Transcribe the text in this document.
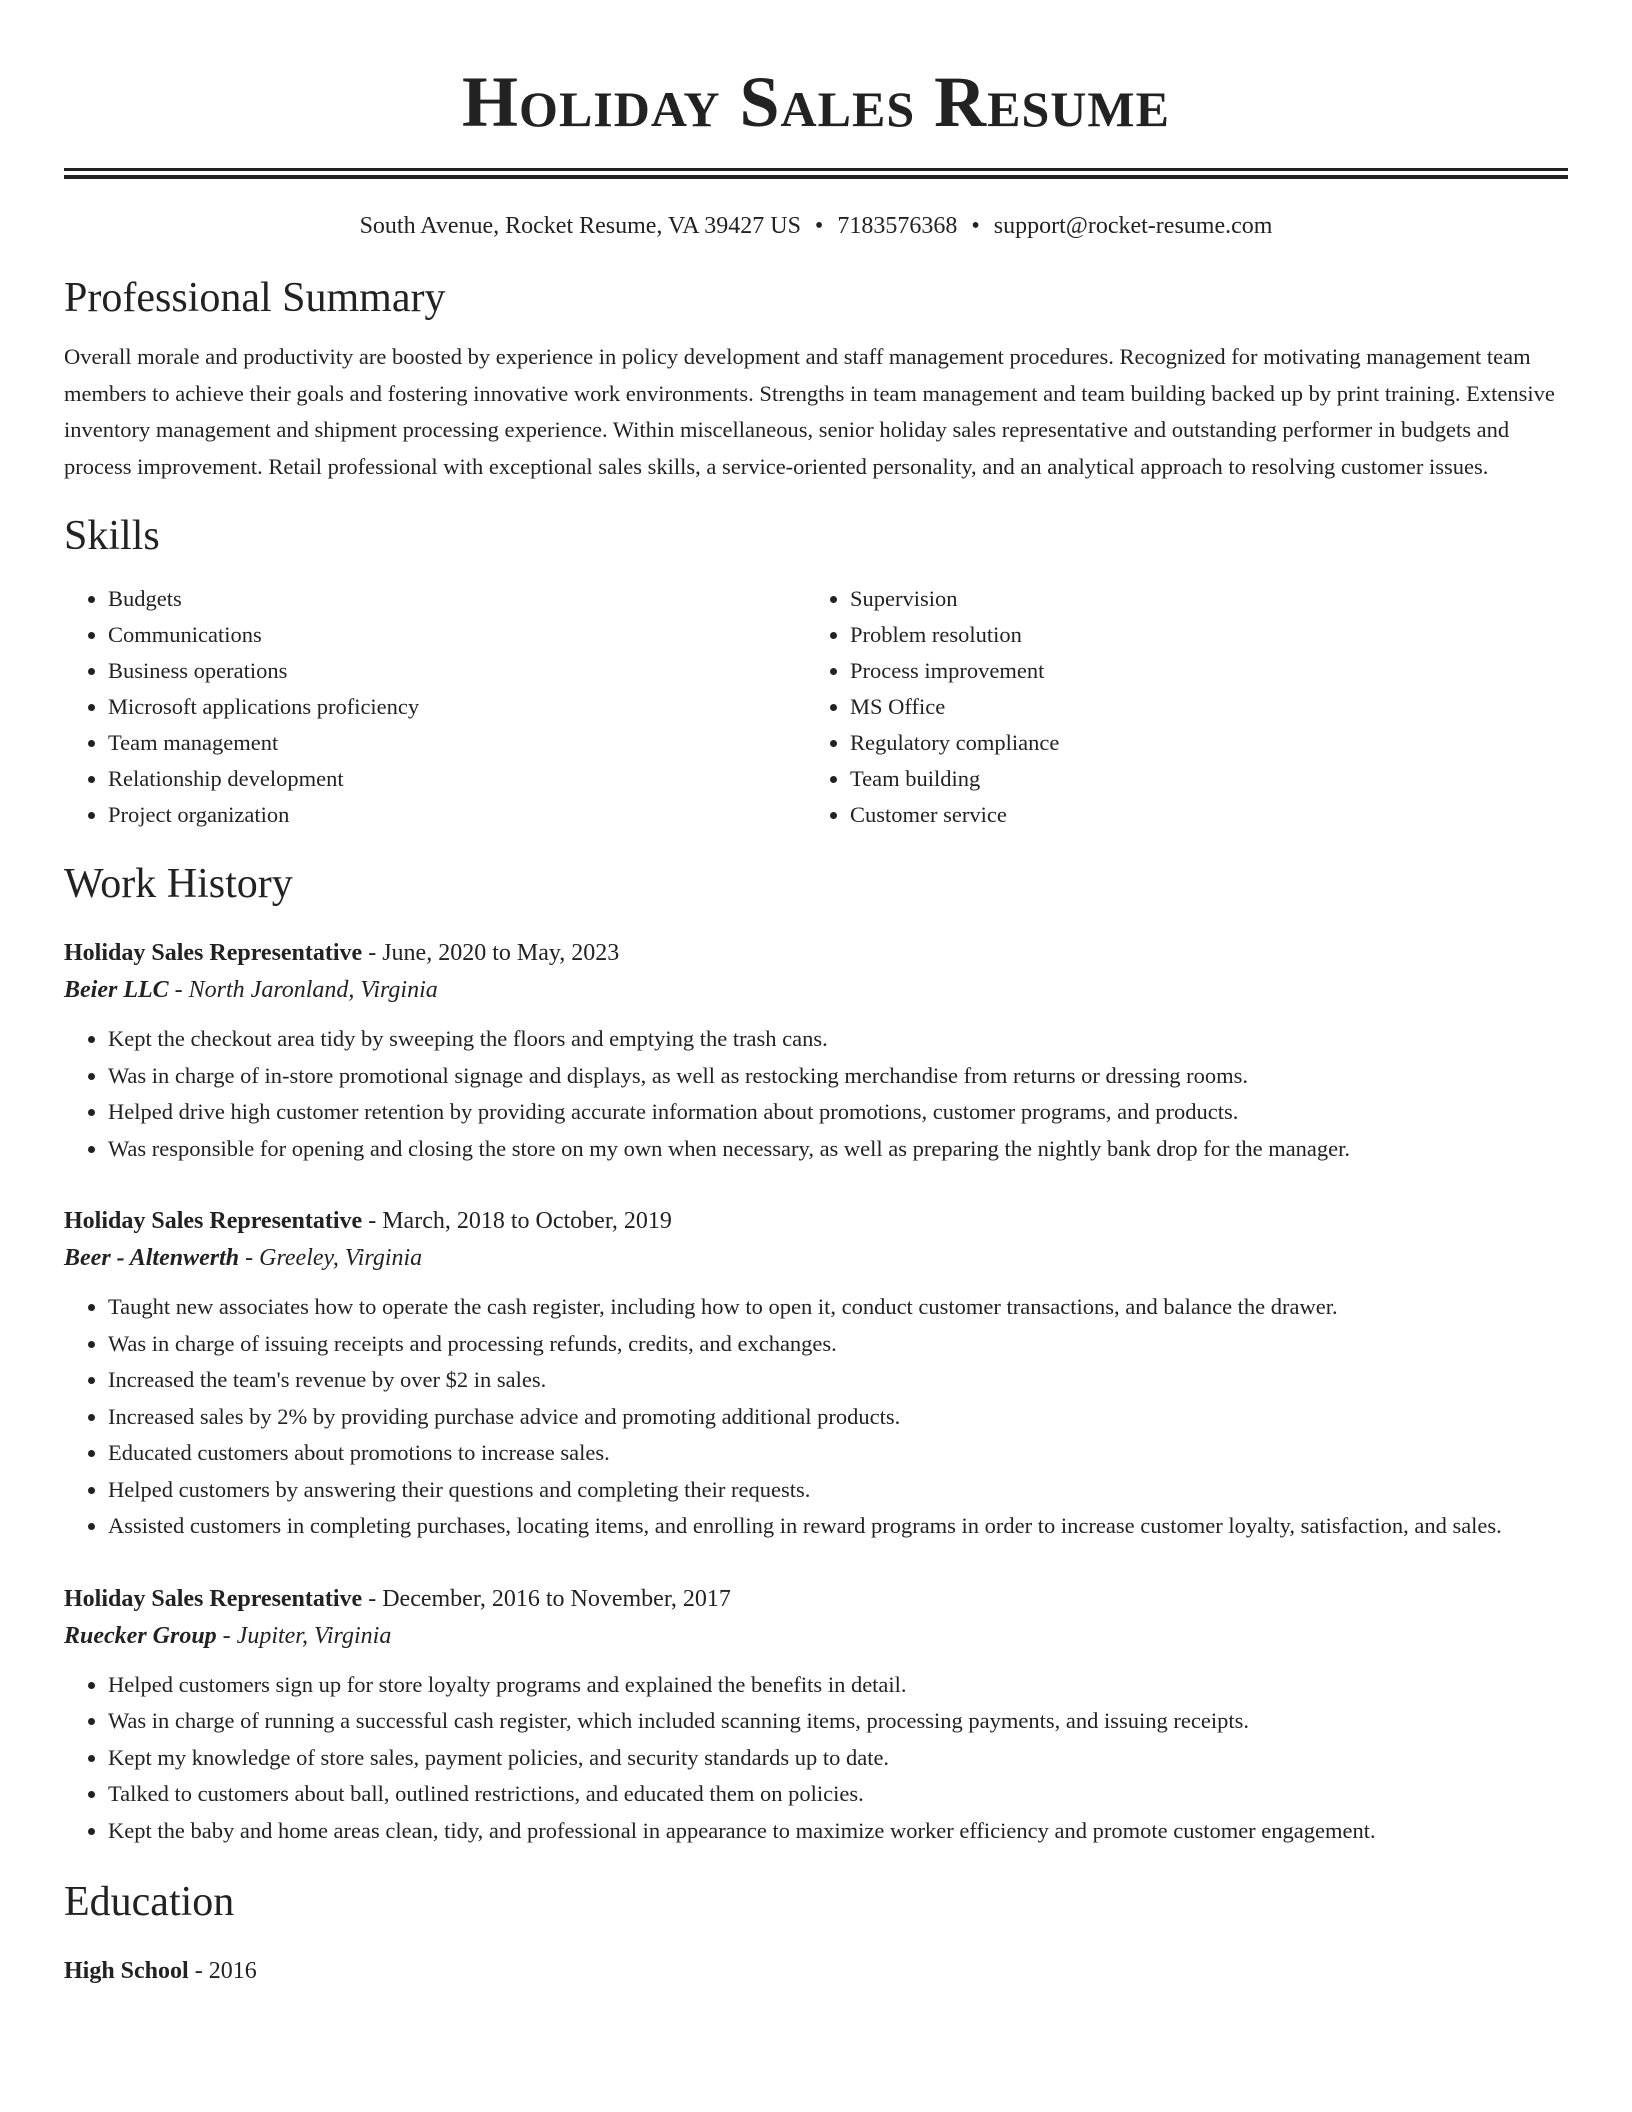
Holiday Sales Resume
South Avenue, Rocket Resume, VA 39427 US • 7183576368 • support@rocket-resume.com
Professional Summary

Overall morale and productivity are boosted by experience in policy development and staff management procedures. Recognized for motivating management team members to achieve their goals and fostering innovative work environments. Strengths in team management and team building backed up by print training. Extensive inventory management and shipment processing experience. Within miscellaneous, senior holiday sales representative and outstanding performer in budgets and process improvement. Retail professional with exceptional sales skills, a service-oriented personality, and an analytical approach to resolving customer issues.

Skills
• Budgets
• Communications
• Business operations
• Microsoft applications proficiency
• Team management
• Relationship development
• Project organization
• Supervision
• Problem resolution
• Process improvement
• MS Office
• Regulatory compliance
• Team building
• Customer service
Work History
Holiday Sales Representative - June, 2020 to May, 2023
Beier LLC - North Jaronland, Virginia
• Kept the checkout area tidy by sweeping the floors and emptying the trash cans.
• Was in charge of in-store promotional signage and displays, as well as restocking merchandise from returns or dressing rooms.
• Helped drive high customer retention by providing accurate information about promotions, customer programs, and products.
• Was responsible for opening and closing the store on my own when necessary, as well as preparing the nightly bank drop for the manager.
Holiday Sales Representative - March, 2018 to October, 2019
Beer - Altenwerth - Greeley, Virginia
• Taught new associates how to operate the cash register, including how to open it, conduct customer transactions, and balance the drawer.
• Was in charge of issuing receipts and processing refunds, credits, and exchanges.
• Increased the team's revenue by over $2 in sales.
• Increased sales by 2% by providing purchase advice and promoting additional products.
• Educated customers about promotions to increase sales.
• Helped customers by answering their questions and completing their requests.
• Assisted customers in completing purchases, locating items, and enrolling in reward programs in order to increase customer loyalty, satisfaction, and sales.
Holiday Sales Representative - December, 2016 to November, 2017
Ruecker Group - Jupiter, Virginia
• Helped customers sign up for store loyalty programs and explained the benefits in detail.
• Was in charge of running a successful cash register, which included scanning items, processing payments, and issuing receipts.
• Kept my knowledge of store sales, payment policies, and security standards up to date.
• Talked to customers about ball, outlined restrictions, and educated them on policies.
• Kept the baby and home areas clean, tidy, and professional in appearance to maximize worker efficiency and promote customer engagement.
Education
High School - 2016
